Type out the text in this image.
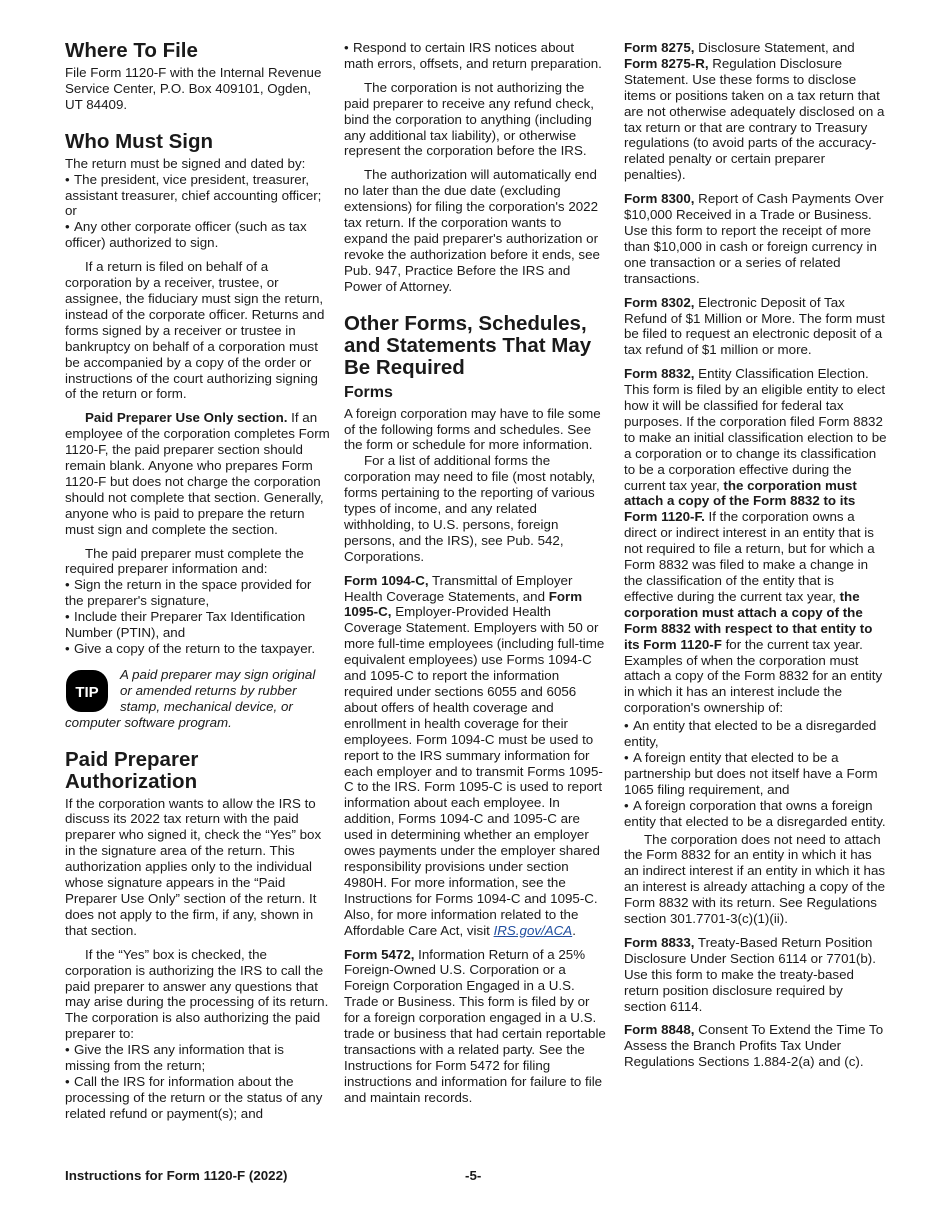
Where To File

File Form 1120-F with the Internal Revenue Service Center, P.O. Box 409101, Ogden, UT 84409.

Who Must Sign

The return must be signed and dated by:

• The president, vice president, treasurer, assistant treasurer, chief accounting officer; or
• Any other corporate officer (such as tax officer) authorized to sign.

If a return is filed on behalf of a corporation by a receiver, trustee, or assignee, the fiduciary must sign the return, instead of the corporate officer. Returns and forms signed by a receiver or trustee in bankruptcy on behalf of a corporation must be accompanied by a copy of the order or instructions of the court authorizing signing of the return or form.

Paid Preparer Use Only section. If an employee of the corporation completes Form 1120-F, the paid preparer section should remain blank. Anyone who prepares Form 1120-F but does not charge the corporation should not complete that section. Generally, anyone who is paid to prepare the return must sign and complete the section.

The paid preparer must complete the required preparer information and:

• Sign the return in the space provided for the preparer's signature,
• Include their Preparer Tax Identification Number (PTIN), and
• Give a copy of the return to the taxpayer.
TIP
A paid preparer may sign original
or amended returns by rubber
stamp, mechanical device, or
computer software program.
Paid Preparer Authorization

If the corporation wants to allow the IRS to discuss its 2022 tax return with the paid preparer who signed it, check the “Yes” box in the signature area of the return. This authorization applies only to the individual whose signature appears in the “Paid Preparer Use Only” section of the return. It does not apply to the firm, if any, shown in that section.

If the “Yes” box is checked, the corporation is authorizing the IRS to call the paid preparer to answer any questions that may arise during the processing of its return. The corporation is also authorizing the paid preparer to:

• Give the IRS any information that is missing from the return;
• Call the IRS for information about the processing of the return or the status of any related refund or payment(s); and
• Respond to certain IRS notices about math errors, offsets, and return preparation.

The corporation is not authorizing the paid preparer to receive any refund check, bind the corporation to anything (including any additional tax liability), or otherwise represent the corporation before the IRS.

The authorization will automatically end no later than the due date (excluding extensions) for filing the corporation's 2022 tax return. If the corporation wants to expand the paid preparer's authorization or revoke the authorization before it ends, see Pub. 947, Practice Before the IRS and Power of Attorney.

Other Forms, Schedules, and Statements That May Be Required
Forms

A foreign corporation may have to file some of the following forms and schedules. See the form or schedule for more information.

For a list of additional forms the corporation may need to file (most notably, forms pertaining to the reporting of various types of income, and any related withholding, to U.S. persons, foreign persons, and the IRS), see Pub. 542, Corporations.

Form 1094-C, Transmittal of Employer Health Coverage Statements, and Form 1095-C, Employer-Provided Health Coverage Statement. Employers with 50 or more full-time employees (including full-time equivalent employees) use Forms 1094-C and 1095-C to report the information required under sections 6055 and 6056 about offers of health coverage and enrollment in health coverage for their employees. Form 1094-C must be used to report to the IRS summary information for each employer and to transmit Forms 1095-C to the IRS. Form 1095-C is used to report information about each employee. In addition, Forms 1094-C and 1095-C are used in determining whether an employer owes payments under the employer shared responsibility provisions under section 4980H. For more information, see the Instructions for Forms 1094-C and 1095-C. Also, for more information related to the Affordable Care Act, visit IRS.gov/ACA.

Form 5472, Information Return of a 25% Foreign-Owned U.S. Corporation or a Foreign Corporation Engaged in a U.S. Trade or Business. This form is filed by or for a foreign corporation engaged in a U.S. trade or business that had certain reportable transactions with a related party. See the Instructions for Form 5472 for filing instructions and information for failure to file and maintain records.

Form 8275, Disclosure Statement, and Form 8275-R, Regulation Disclosure Statement. Use these forms to disclose items or positions taken on a tax return that are not otherwise adequately disclosed on a tax return or that are contrary to Treasury regulations (to avoid parts of the accuracy-related penalty or certain preparer penalties).

Form 8300, Report of Cash Payments Over $10,000 Received in a Trade or Business. Use this form to report the receipt of more than $10,000 in cash or foreign currency in one transaction or a series of related transactions.

Form 8302, Electronic Deposit of Tax Refund of $1 Million or More. The form must be filed to request an electronic deposit of a tax refund of $1 million or more.

Form 8832, Entity Classification Election. This form is filed by an eligible entity to elect how it will be classified for federal tax purposes. If the corporation filed Form 8832 to make an initial classification election to be a corporation or to change its classification to be a corporation effective during the current tax year, the corporation must attach a copy of the Form 8832 to its Form 1120-F. If the corporation owns a direct or indirect interest in an entity that is not required to file a return, but for which a Form 8832 was filed to make a change in the classification of the entity that is effective during the current tax year, the corporation must attach a copy of the Form 8832 with respect to that entity to its Form 1120-F for the current tax year. Examples of when the corporation must attach a copy of the Form 8832 for an entity in which it has an interest include the corporation's ownership of:

• An entity that elected to be a disregarded entity,
• A foreign entity that elected to be a partnership but does not itself have a Form 1065 filing requirement, and
• A foreign corporation that owns a foreign entity that elected to be a disregarded entity.

The corporation does not need to attach the Form 8832 for an entity in which it has an indirect interest if an entity in which it has an interest is already attaching a copy of the Form 8832 with its return. See Regulations section 301.7701-3(c)(1)(ii).

Form 8833, Treaty-Based Return Position Disclosure Under Section 6114 or 7701(b). Use this form to make the treaty-based return position disclosure required by section 6114.

Form 8848, Consent To Extend the Time To Assess the Branch Profits Tax Under Regulations Sections 1.884-2(a) and (c).

Instructions for Form 1120-F (2022)	-5-
